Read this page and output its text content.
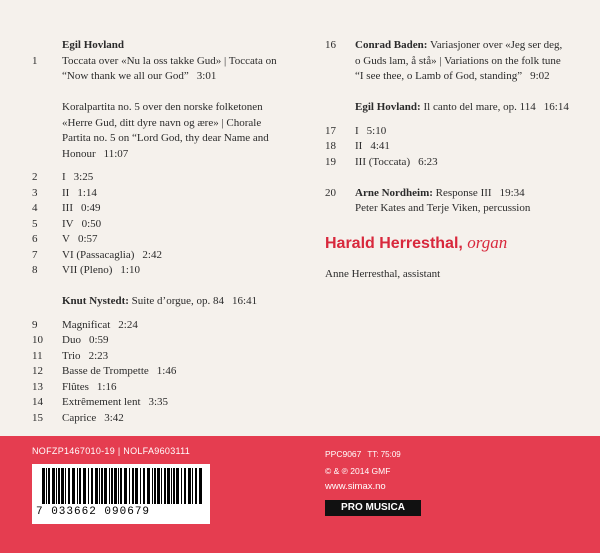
Egil Hovland
1	Toccata over «Nu la oss takke Gud» | Toccata on
“Now thank we all our God” 3:01
Koralpartita no. 5 over den norske folketonen
«Herre Gud, ditt dyre navn og ære» | Chorale
Partita no. 5 on “Lord God, thy dear Name and
Honour 11:07
2	I 3:25
3	II 1:14
4	III 0:49
5	IV 0:50
6	V 0:57
7	VI (Passacaglia) 2:42
8	VII (Pleno) 1:10
Knut Nystedt: Suite d’orgue, op. 84 16:41
9	Magnificat 2:24
10	Duo 0:59
11	Trio 2:23
12	Basse de Trompette 1:46
13	Flûtes 1:16
14	Extrêmement lent 3:35
15	Caprice 3:42
16	Conrad Baden: Variasjoner over «Jeg ser deg,
o Guds lam, å stå» | Variations on the folk tune
“I see thee, o Lamb of God, standing” 9:02
Egil Hovland: Il canto del mare, op. 114 16:14
17	I 5:10
18	II 4:41
19	III (Toccata) 6:23
20	Arne Nordheim: Response III 19:34
Peter Kates and Terje Viken, percussion
Harald Herresthal, organ
Anne Herresthal, assistant
NOFZP1467010-19 | NOLFA9603111
7 033662 090679
PPC9067 TT: 75:09
© & ℗ 2014 GMF
www.simax.no
PRO MUSICA
